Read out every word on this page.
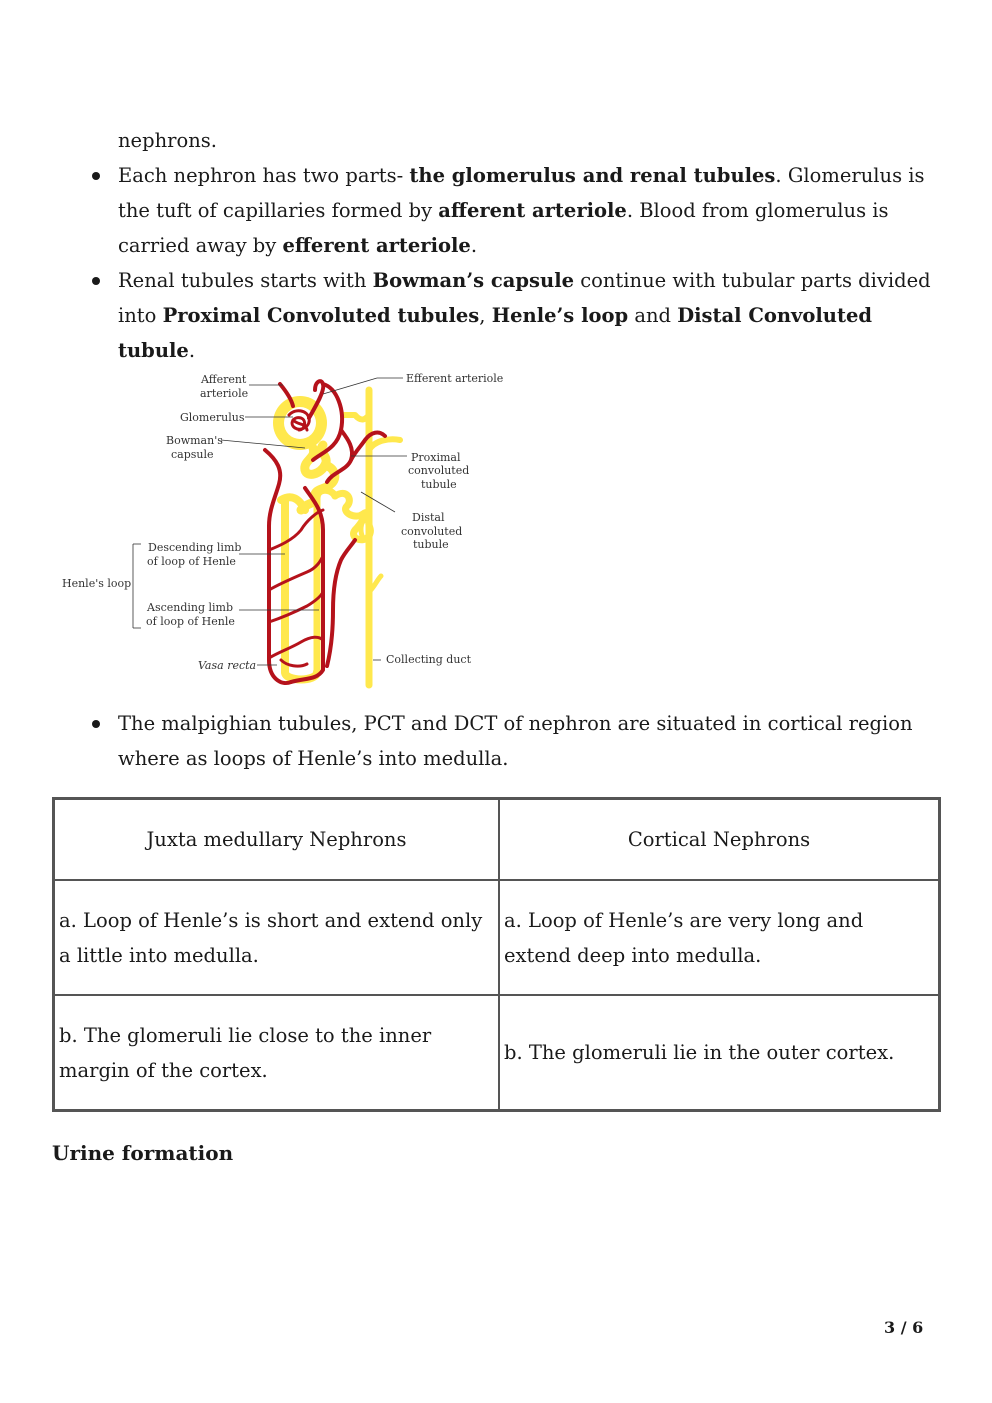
nephrons.
Each nephron has two parts- the glomerulus and renal tubules. Glomerulus is the tuft of capillaries formed by afferent arteriole. Blood from glomerulus is carried away by efferent arteriole.
Renal tubules starts with Bowman’s capsule continue with tubular parts divided into Proximal Convoluted tubules, Henle’s loop and Distal Convoluted tubule.
Afferent
arteriole
Glomerulus
Bowman's
capsule
Efferent arteriole
Proximal
convoluted
tubule
Distal
convoluted
tubule
Descending limb
of loop of Henle
Henle's loop
Ascending limb
of loop of Henle
Vasa recta	Collecting duct
The malpighian tubules, PCT and DCT of nephron are situated in cortical region where as loops of Henle’s into medulla.
Juxta medullary Nephrons	Cortical Nephrons
a. Loop of Henle’s is short and extend only a little into medulla.	a. Loop of Henle’s are very long and extend deep into medulla.
b. The glomeruli lie close to the inner margin of the cortex.	b. The glomeruli lie in the outer cortex.
Urine formation
3 / 6
